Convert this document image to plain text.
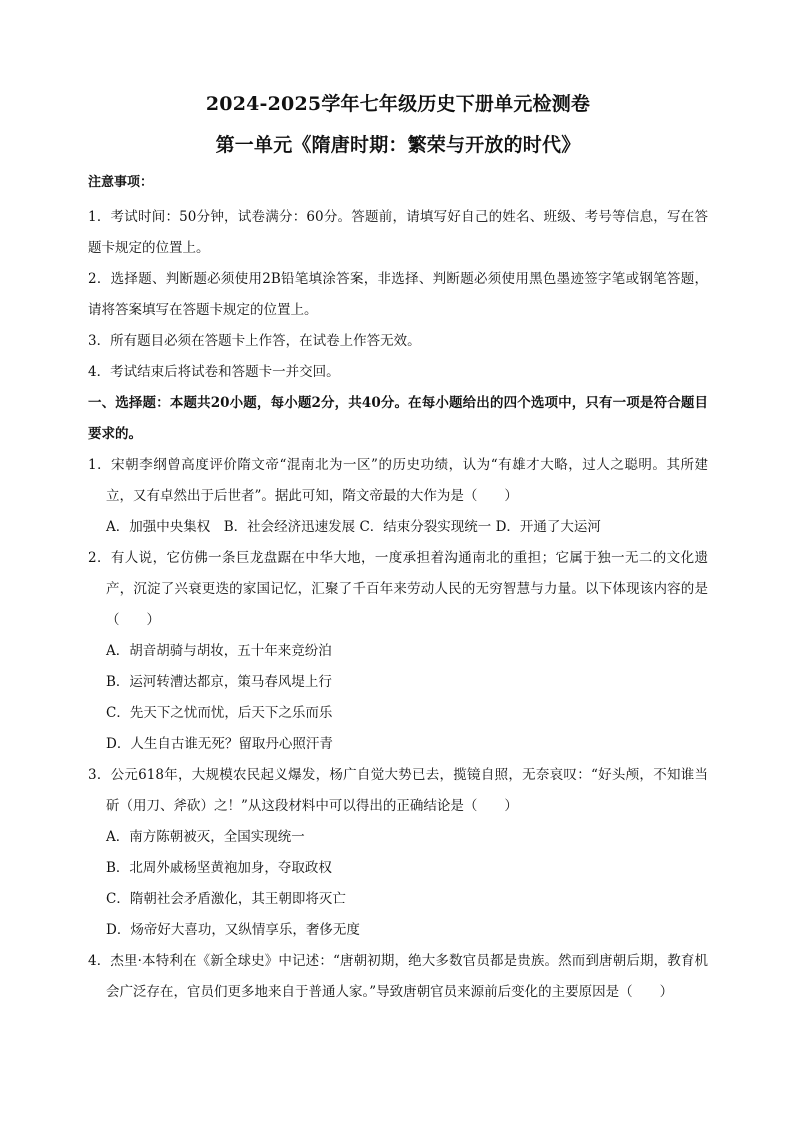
2024-2025学年七年级历史下册单元检测卷
第一单元《隋唐时期：繁荣与开放的时代》

注意事项：

1．考试时间：50分钟，试卷满分：60分。答题前，请填写好自己的姓名、班级、考号等信息，写在答题卡规定的位置上。

2．选择题、判断题必须使用2B铅笔填涂答案，非选择、判断题必须使用黑色墨迹签字笔或钢笔答题，请将答案填写在答题卡规定的位置上。

3．所有题目必须在答题卡上作答，在试卷上作答无效。

4．考试结束后将试卷和答题卡一并交回。

一、选择题：本题共20小题，每小题2分，共40分。在每小题给出的四个选项中，只有一项是符合题目要求的。

1．宋朝李纲曾高度评价隋文帝“混南北为一区”的历史功绩，认为“有雄才大略，过人之聪明。其所建立，又有卓然出于后世者”。据此可知，隋文帝最的大作为是（　　）

A．加强中央集权　B．社会经济迅速发展 C．结束分裂实现统一 D．开通了大运河

2．有人说，它仿佛一条巨龙盘踞在中华大地，一度承担着沟通南北的重担；它属于独一无二的文化遗产，沉淀了兴衰更迭的家国记忆，汇聚了千百年来劳动人民的无穷智慧与力量。以下体现该内容的是（　　）

A．胡音胡骑与胡妆，五十年来竞纷泊

B．运河转漕达都京，策马春风堤上行

C．先天下之忧而忧，后天下之乐而乐

D．人生自古谁无死？留取丹心照汗青

3．公元618年，大规模农民起义爆发，杨广自觉大势已去，揽镜自照，无奈哀叹：“好头颅，不知谁当斫（用刀、斧砍）之！”从这段材料中可以得出的正确结论是（　　）

A．南方陈朝被灭，全国实现统一

B．北周外戚杨坚黄袍加身，夺取政权

C．隋朝社会矛盾激化，其王朝即将灭亡

D．炀帝好大喜功，又纵情享乐，奢侈无度

4．杰里·本特利在《新全球史》中记述：“唐朝初期，绝大多数官员都是贵族。然而到唐朝后期，教育机会广泛存在，官员们更多地来自于普通人家。”导致唐朝官员来源前后变化的主要原因是（　　）
